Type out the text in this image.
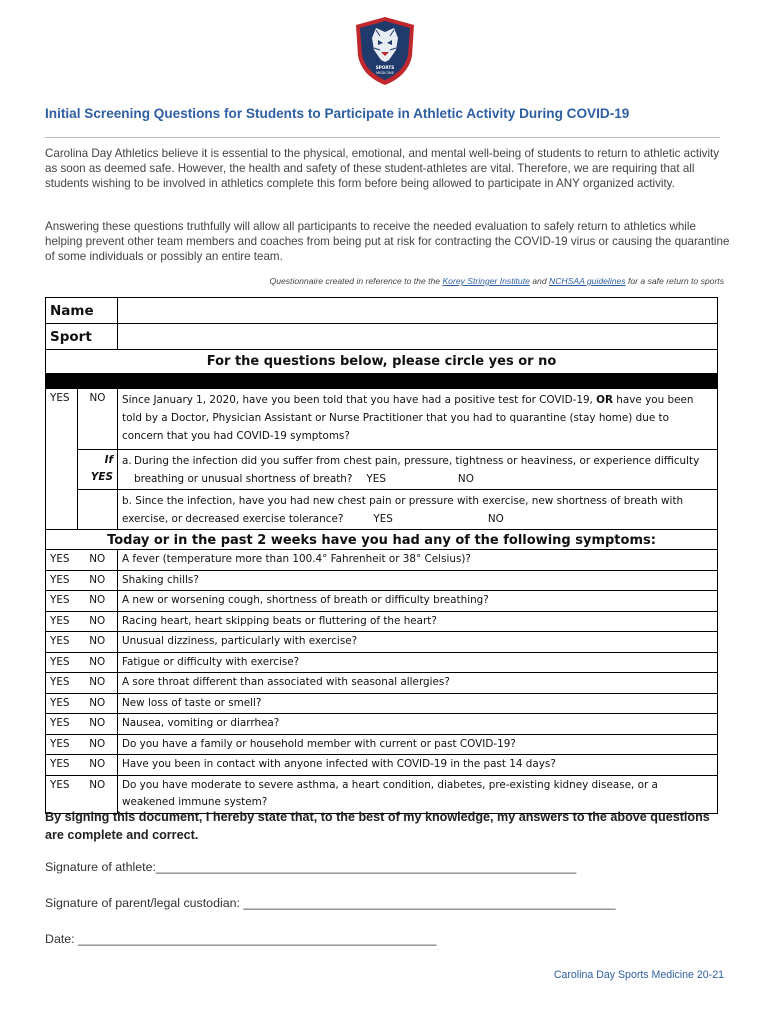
SPORTS
MEDICINE
Initial Screening Questions for Students to Participate in Athletic Activity During COVID-19
Carolina Day Athletics believe it is essential to the physical, emotional, and mental well-being of students to return to athletic activity as soon as deemed safe. However, the health and safety of these student-athletes are vital. Therefore, we are requiring that all students wishing to be involved in athletics complete this form before being allowed to participate in ANY organized activity.
Answering these questions truthfully will allow all participants to receive the needed evaluation to safely return to athletics while helping prevent other team members and coaches from being put at risk for contracting the COVID-19 virus or causing the quarantine of some individuals or possibly an entire team.
Questionnaire created in reference to the the Korey Stringer Institute and NCHSAA guidelines for a safe return to sports
Name		
Sport		
For the questions below, please circle yes or no		

YES	NO	Since January 1, 2020, have you been told that you have had a positive test for COVID-19, OR have you been told by a Doctor, Physician Assistant or Nurse Practitioner that you had to quarantine (stay home) due to concern that you had COVID-19 symptoms?
	If YES	a. During the infection did you suffer from chest pain, pressure, tightness or heaviness, or experience difficulty breathing or unusual shortness of breath? YES NO

		b. Since the infection, have you had new chest pain or pressure with exercise, new shortness of breath with exercise, or decreased exercise tolerance? YES NO
Today or in the past 2 weeks have you had any of the following symptoms:		
YES	NO	A fever (temperature more than 100.4° Fahrenheit or 38° Celsius)?
YES	NO	Shaking chills?
YES	NO	A new or worsening cough, shortness of breath or difficulty breathing?
YES	NO	Racing heart, heart skipping beats or fluttering of the heart?
YES	NO	Unusual dizziness, particularly with exercise?
YES	NO	Fatigue or difficulty with exercise?
YES	NO	A sore throat different than associated with seasonal allergies?
YES	NO	New loss of taste or smell?
YES	NO	Nausea, vomiting or diarrhea?
YES	NO	Do you have a family or household member with current or past COVID-19?
YES	NO	Have you been in contact with anyone infected with COVID-19 in the past 14 days?
YES	NO	Do you have moderate to severe asthma, a heart condition, diabetes, pre-existing kidney disease, or a weakened immune system?
By signing this document, I hereby state that, to the best of my knowledge, my answers to the above questions are complete and correct.
Signature of athlete:_____________________________________________________________
Signature of parent/legal custodian: ______________________________________________________
Date: ____________________________________________________
Carolina Day Sports Medicine 20-21
